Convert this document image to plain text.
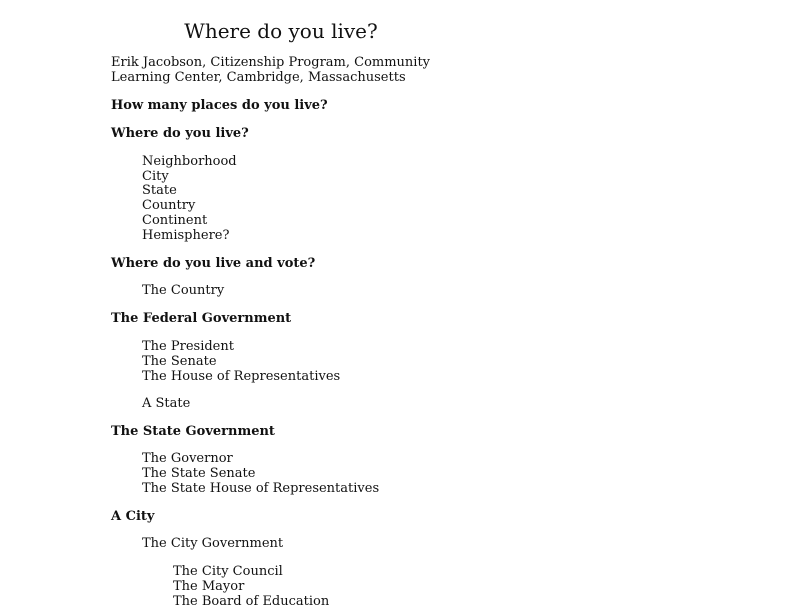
Where do you live?
Erik Jacobson, Citizenship Program, Community
Learning Center, Cambridge, Massachusetts
How many places do you live?
Where do you live?
Neighborhood
City
State
Country
Continent
Hemisphere?
Where do you live and vote?
The Country
The Federal Government
The President
The Senate
The House of Representatives
A State
The State Government
The Governor
The State Senate
The State House of Representatives
A City
The City Government
The City Council
The Mayor
The Board of Education
